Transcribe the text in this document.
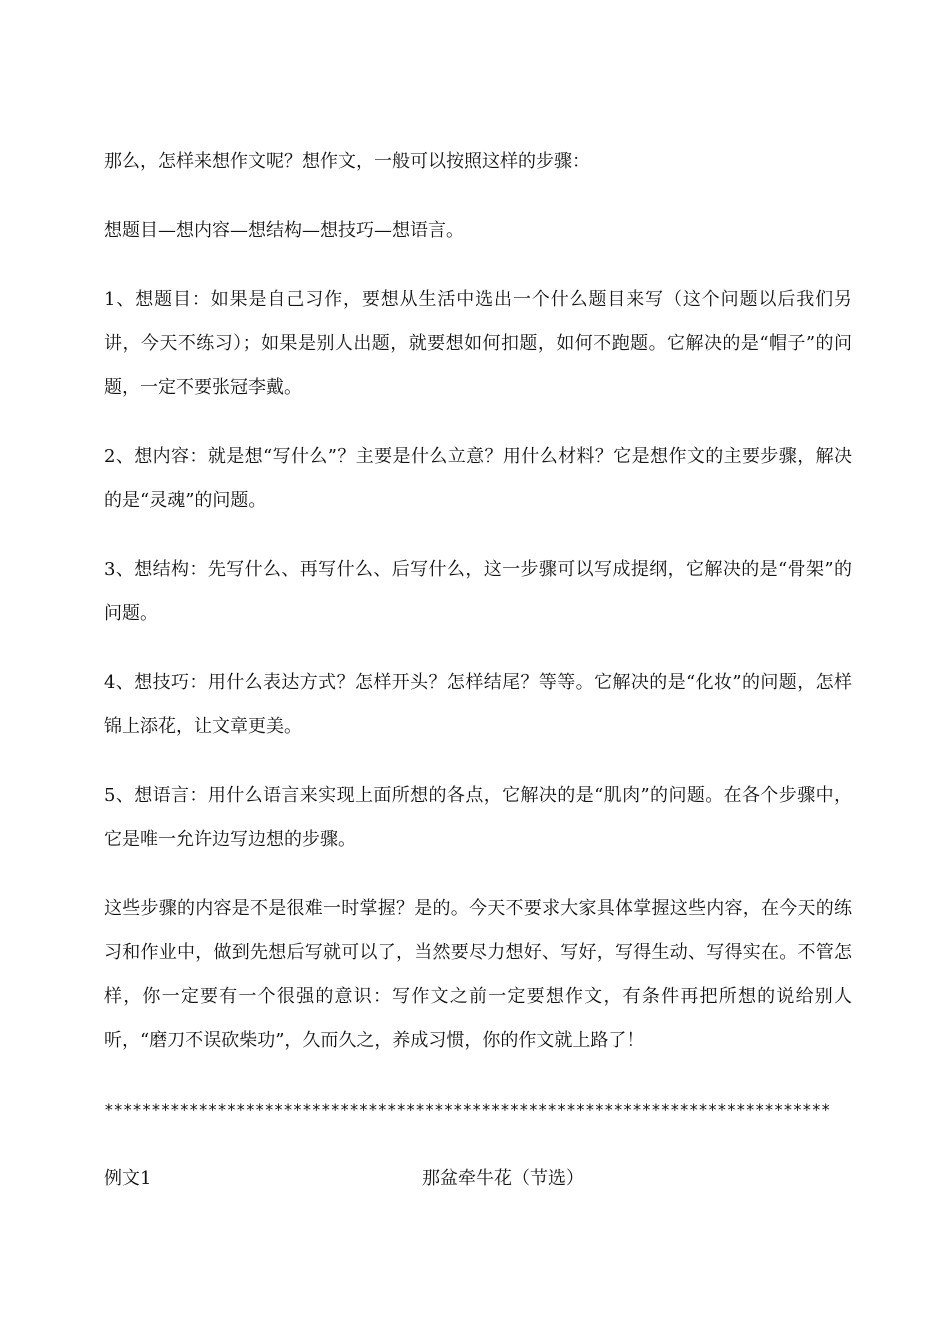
那么，怎样来想作文呢？想作文，一般可以按照这样的步骤：

想题目—想内容—想结构—想技巧—想语言。

1、想题目：如果是自己习作，要想从生活中选出一个什么题目来写（这个问题以后我们另讲，今天不练习）；如果是别人出题，就要想如何扣题，如何不跑题。它解决的是“帽子”的问题，一定不要张冠李戴。

2、想内容：就是想“写什么”？主要是什么立意？用什么材料？它是想作文的主要步骤，解决的是“灵魂”的问题。

3、想结构：先写什么、再写什么、后写什么，这一步骤可以写成提纲，它解决的是“骨架”的问题。

4、想技巧：用什么表达方式？怎样开头？怎样结尾？等等。它解决的是“化妆”的问题，怎样锦上添花，让文章更美。

5、想语言：用什么语言来实现上面所想的各点，它解决的是“肌肉”的问题。在各个步骤中，它是唯一允许边写边想的步骤。

这些步骤的内容是不是很难一时掌握？是的。今天不要求大家具体掌握这些内容，在今天的练习和作业中，做到先想后写就可以了，当然要尽力想好、写好，写得生动、写得实在。不管怎样，你一定要有一个很强的意识：写作文之前一定要想作文，有条件再把所想的说给别人听，“磨刀不误砍柴功”，久而久之，养成习惯，你的作文就上路了！

*****************************************************************************
例文1	那盆牵牛花（节选）
